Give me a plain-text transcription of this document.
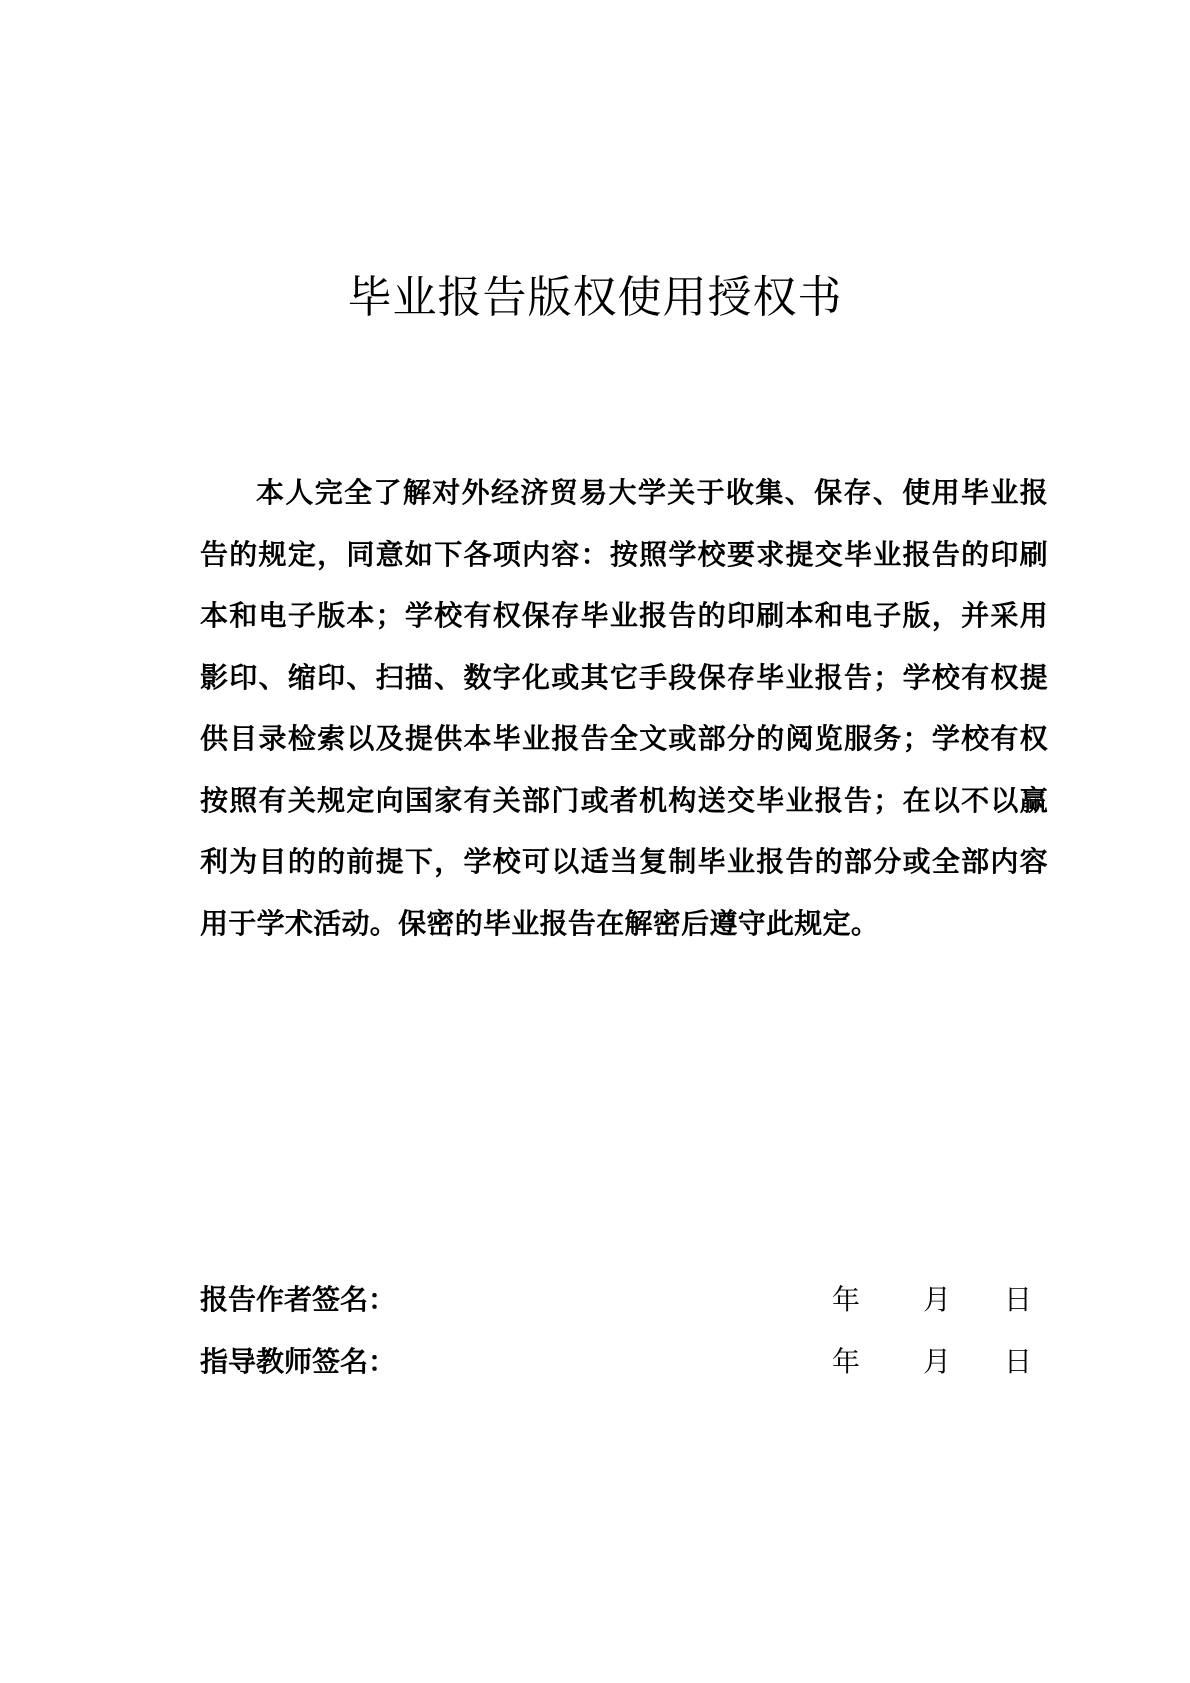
毕业报告版权使用授权书

本人完全了解对外经济贸易大学关于收集、保存、使用毕业报告的规定，同意如下各项内容：按照学校要求提交毕业报告的印刷本和电子版本；学校有权保存毕业报告的印刷本和电子版，并采用影印、缩印、扫描、数字化或其它手段保存毕业报告；学校有权提供目录检索以及提供本毕业报告全文或部分的阅览服务；学校有权按照有关规定向国家有关部门或者机构送交毕业报告；在以不以赢利为目的的前提下，学校可以适当复制毕业报告的部分或全部内容用于学术活动。保密的毕业报告在解密后遵守此规定。

报告作者签名：	年 月 日
指导教师签名：	年 月 日
